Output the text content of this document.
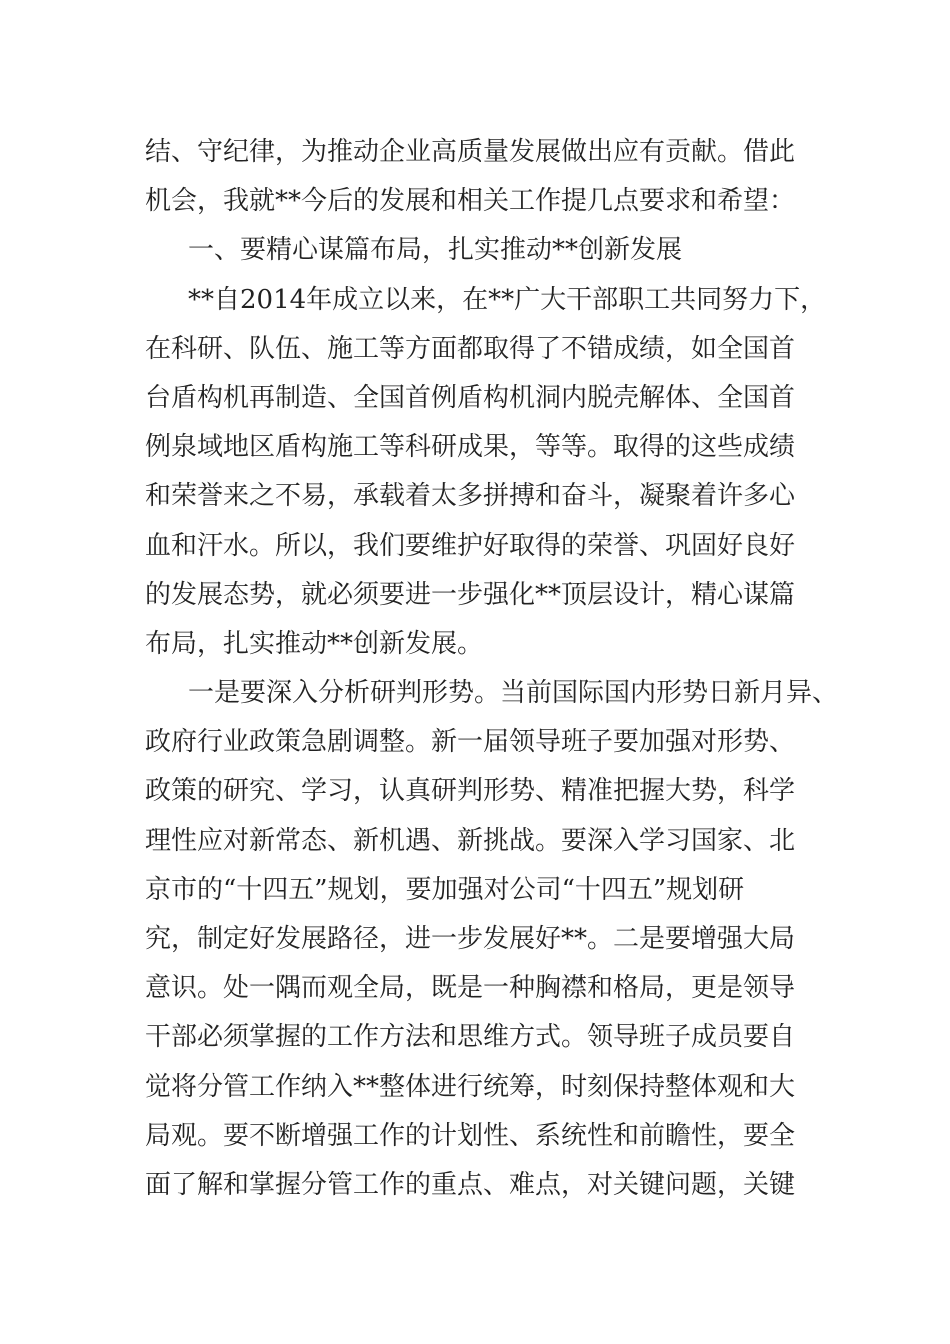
结、守纪律，为推动企业高质量发展做出应有贡献。借此
机会，我就**今后的发展和相关工作提几点要求和希望：
一、要精心谋篇布局，扎实推动**创新发展
**自2014年成立以来，在**广大干部职工共同努力下，
在科研、队伍、施工等方面都取得了不错成绩，如全国首
台盾构机再制造、全国首例盾构机洞内脱壳解体、全国首
例泉域地区盾构施工等科研成果，等等。取得的这些成绩
和荣誉来之不易，承载着太多拼搏和奋斗，凝聚着许多心
血和汗水。所以，我们要维护好取得的荣誉、巩固好良好
的发展态势，就必须要进一步强化**顶层设计，精心谋篇
布局，扎实推动**创新发展。
一是要深入分析研判形势。当前国际国内形势日新月异、
政府行业政策急剧调整。新一届领导班子要加强对形势、
政策的研究、学习，认真研判形势、精准把握大势，科学
理性应对新常态、新机遇、新挑战。要深入学习国家、北
京市的“十四五”规划，要加强对公司“十四五”规划研
究，制定好发展路径，进一步发展好**。二是要增强大局
意识。处一隅而观全局，既是一种胸襟和格局，更是领导
干部必须掌握的工作方法和思维方式。领导班子成员要自
觉将分管工作纳入**整体进行统筹，时刻保持整体观和大
局观。要不断增强工作的计划性、系统性和前瞻性，要全
面了解和掌握分管工作的重点、难点，对关键问题，关键
